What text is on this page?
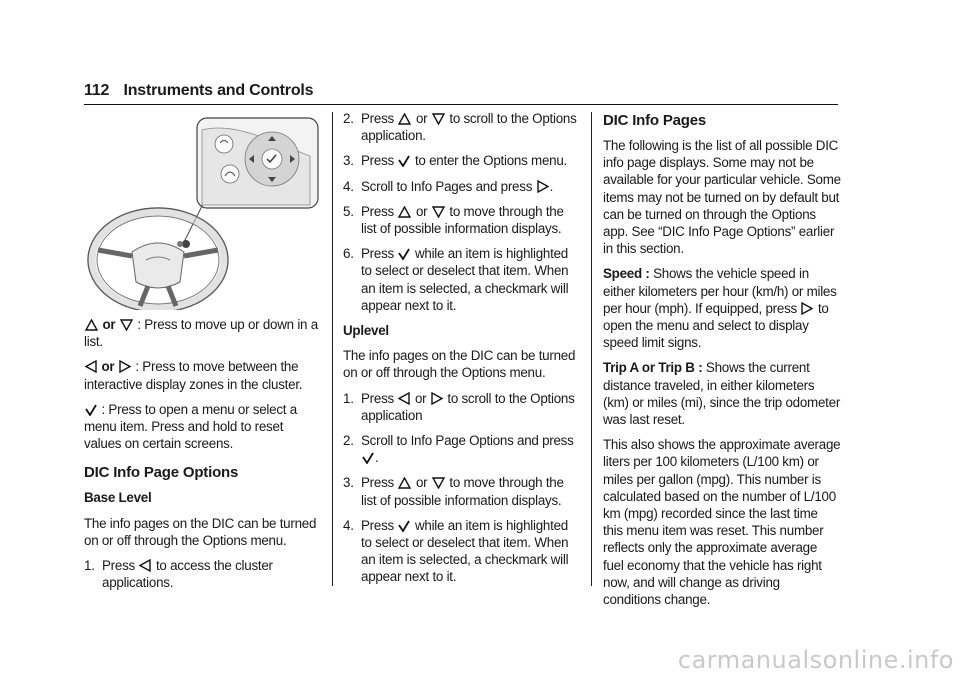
112 Instruments and Controls

or : Press to move up or down in a list.

or : Press to move between the interactive display zones in the cluster.

: Press to open a menu or select a menu item. Press and hold to reset values on certain screens.

DIC Info Page Options

Base Level

The info pages on the DIC can be turned on or off through the Options menu.

1. Press to access the cluster applications.
2. Press or to scroll to the Options application.
3. Press to enter the Options menu.
4. Scroll to Info Pages and press .
5. Press or to move through the list of possible information displays.
6. Press while an item is highlighted to select or deselect that item. When an item is selected, a checkmark will appear next to it.

Uplevel

The info pages on the DIC can be turned on or off through the Options menu.

1. Press or to scroll to the Options application
2. Scroll to Info Page Options and press .
3. Press or to move through the list of possible information displays.
4. Press while an item is highlighted to select or deselect that item. When an item is selected, a checkmark will appear next to it.
DIC Info Pages

The following is the list of all possible DIC info page displays. Some may not be available for your particular vehicle. Some items may not be turned on by default but can be turned on through the Options app. See “DIC Info Page Options” earlier in this section.

Speed : Shows the vehicle speed in either kilometers per hour (km/h) or miles per hour (mph). If equipped, press to open the menu and select to display speed limit signs.

Trip A or Trip B : Shows the current distance traveled, in either kilometers (km) or miles (mi), since the trip odometer was last reset.

This also shows the approximate average liters per 100 kilometers (L/100 km) or miles per gallon (mpg). This number is calculated based on the number of L/100 km (mpg) recorded since the last time this menu item was reset. This number reflects only the approximate average fuel economy that the vehicle has right now, and will change as driving conditions change.

carmanualsonline.info
